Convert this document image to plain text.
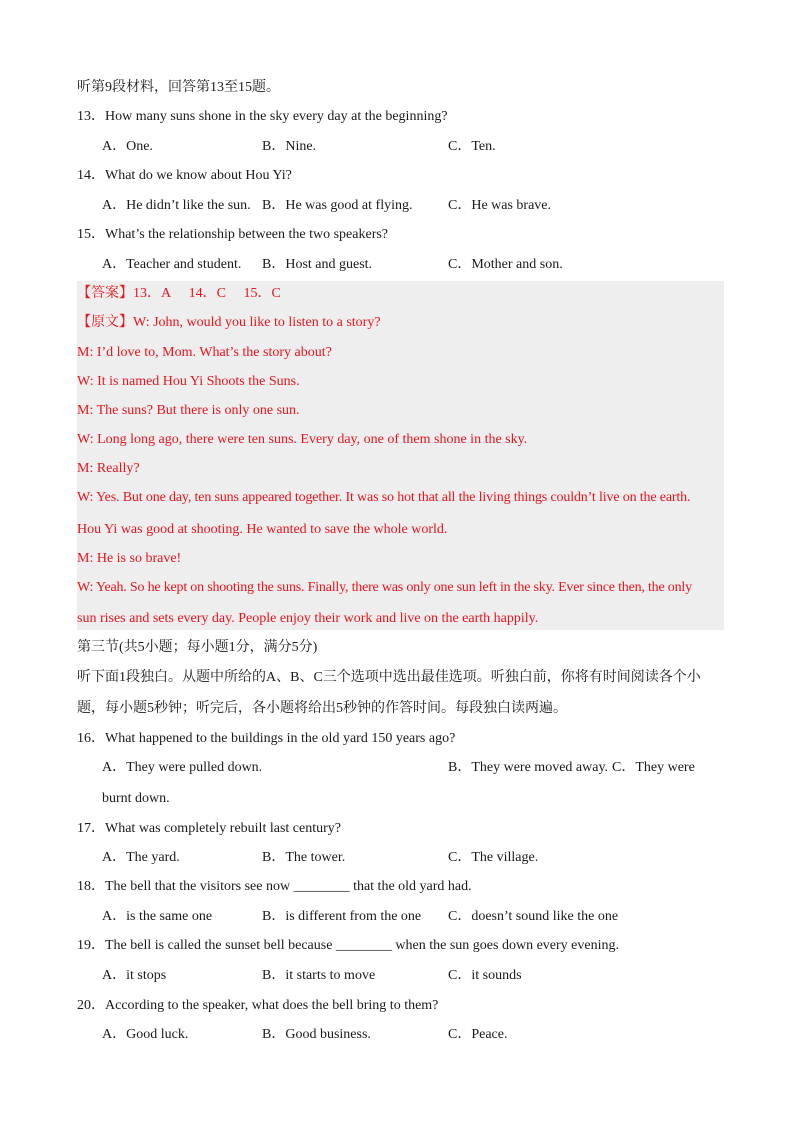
听第9段材料，回答第13至15题。
13．How many suns shone in the sky every day at the beginning?
A．One.	B．Nine.	C．Ten.
14．What do we know about Hou Yi?
A．He didn’t like the sun. B．He was good at flying.	C．He was brave.
15．What’s the relationship between the two speakers?
A．Teacher and student. B．Host and guest.	C．Mother and son.
【答案】13．A     14．C     15．C
【原文】W: John, would you like to listen to a story?
M: I’d love to, Mom. What’s the story about?
W: It is named Hou Yi Shoots the Suns.
M: The suns? But there is only one sun.
W: Long long ago, there were ten suns. Every day, one of them shone in the sky.
M: Really?
W: Yes. But one day, ten suns appeared together. It was so hot that all the living things couldn’t live on the earth.
Hou Yi was good at shooting. He wanted to save the whole world.
M: He is so brave!
W: Yeah. So he kept on shooting the suns. Finally, there was only one sun left in the sky. Ever since then, the only
sun rises and sets every day. People enjoy their work and live on the earth happily.
第三节(共5小题；每小题1分，满分5分)
听下面1段独白。从题中所给的A、B、C三个选项中选出最佳选项。听独白前，你将有时间阅读各个小
题，每小题5秒钟；听完后，各小题将给出5秒钟的作答时间。每段独白读两遍。
16．What happened to the buildings in the old yard 150 years ago?
A．They were pulled down.	B．They were moved away. C．They were
burnt down.
17．What was completely rebuilt last century?
A．The yard.	B．The tower.	C．The village.
18．The bell that the visitors see now ________ that the old yard had.
A．is the same one	B．is different from the one C．doesn’t sound like the one
19．The bell is called the sunset bell because ________ when the sun goes down every evening.
A．it stops	B．it starts to move	C．it sounds
20．According to the speaker, what does the bell bring to them?
A．Good luck.	B．Good business.	C．Peace.
